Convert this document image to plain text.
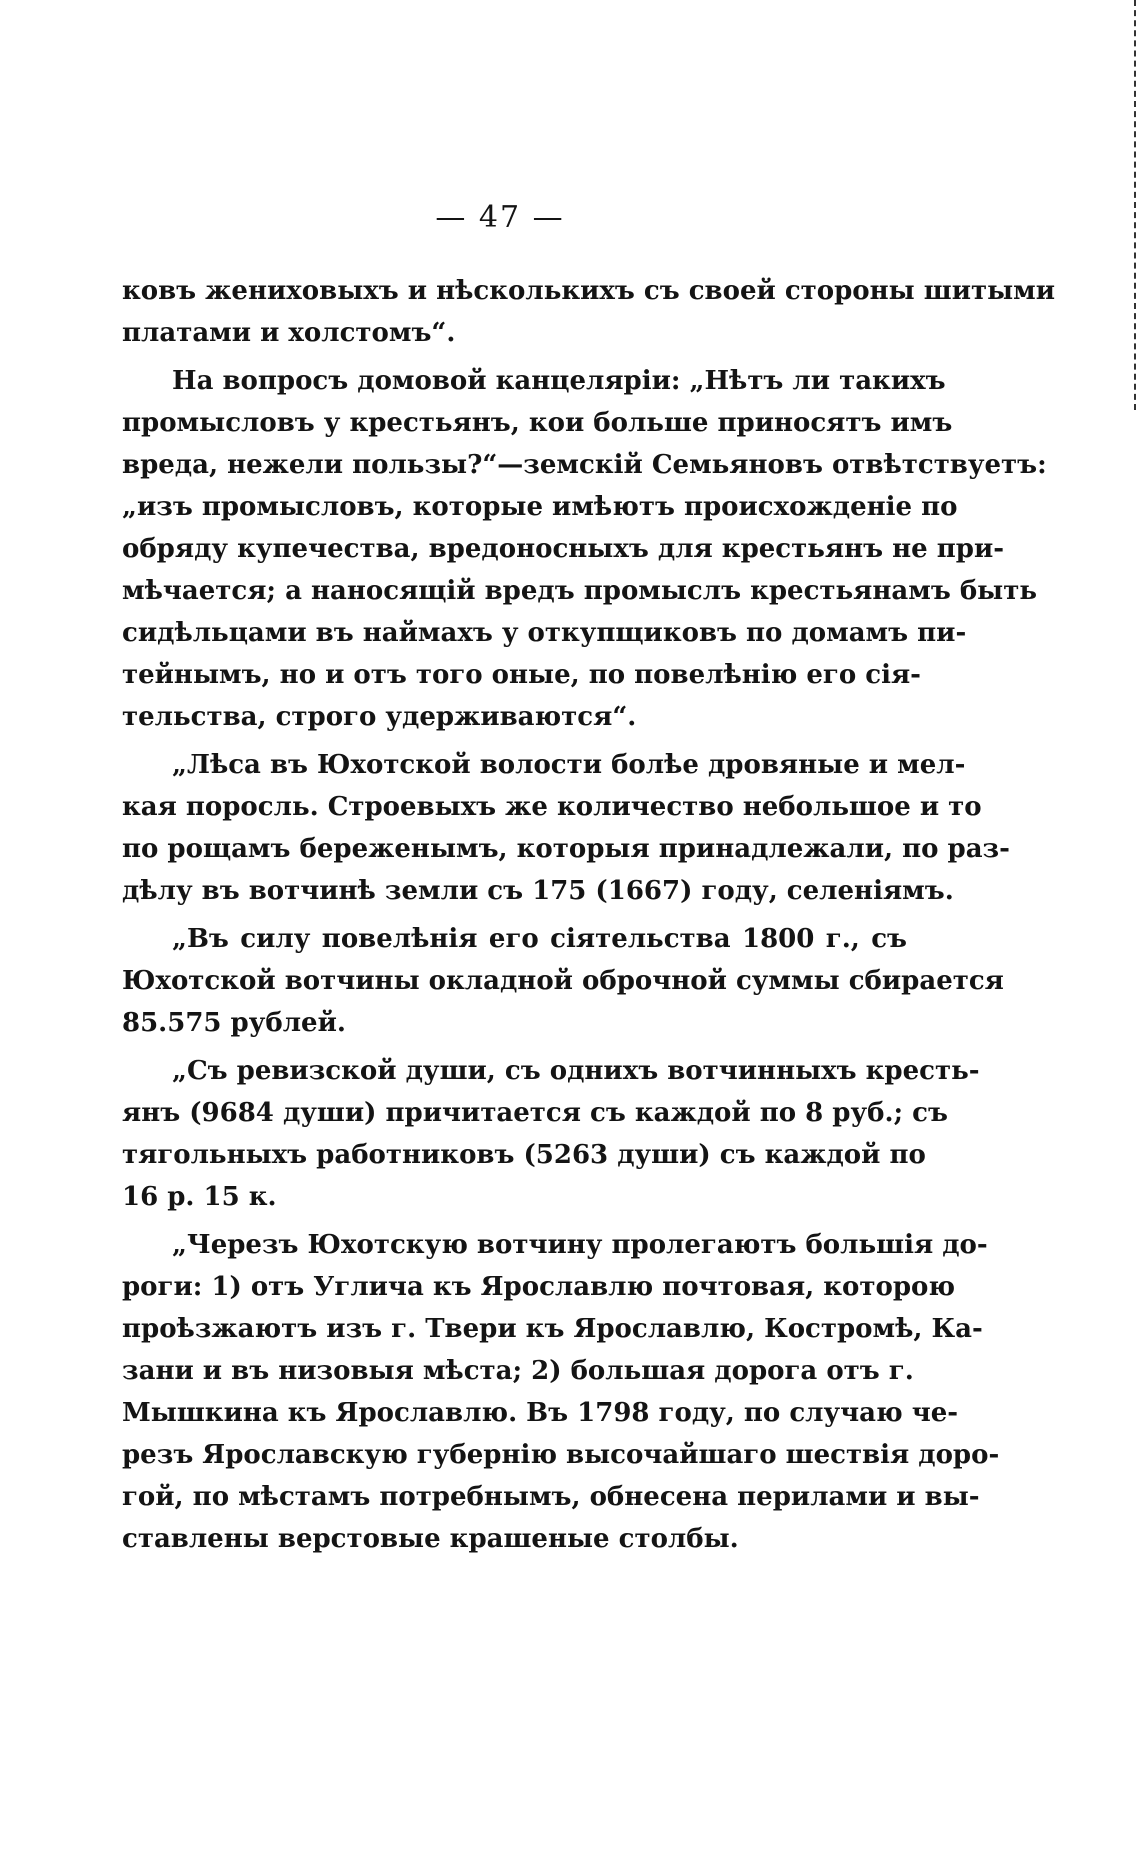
— 47 —
ковъ жениховыхъ и нѣсколькихъ съ своей стороны шитыми
платами и холстомъ“.
На вопросъ домовой канцеляріи: „Нѣтъ ли такихъ
промысловъ у крестьянъ, кои больше приносятъ имъ
вреда, нежели пользы?“—земскій Семьяновъ отвѣтствуетъ:
„изъ промысловъ, которые имѣютъ происхожденіе по
обряду купечества, вредоносныхъ для крестьянъ не при-
мѣчается; а наносящій вредъ промыслъ крестьянамъ быть
сидѣльцами въ наймахъ у откупщиковъ по домамъ пи-
тейнымъ, но и отъ того оные, по повелѣнію его сія-
тельства, строго удерживаются“.
„Лѣса въ Юхотской волости болѣе дровяные и мел-
кая поросль. Строевыхъ же количество небольшое и то
по рощамъ береженымъ, которыя принадлежали, по раз-
дѣлу въ вотчинѣ земли съ 175 (1667) году, селеніямъ.
„Въ силу повелѣнія его сіятельства 1800 г., съ
Юхотской вотчины окладной оброчной суммы сбирается
85.575 рублей.
„Съ ревизской души, съ однихъ вотчинныхъ кресть-
янъ (9684 души) причитается съ каждой по 8 руб.; съ
тягольныхъ работниковъ (5263 души) съ каждой по
16 р. 15 к.
„Черезъ Юхотскую вотчину пролегаютъ большія до-
роги: 1) отъ Углича къ Ярославлю почтовая, которою
проѣзжаютъ изъ г. Твери къ Ярославлю, Костромѣ, Ка-
зани и въ низовыя мѣста; 2) большая дорога отъ г.
Мышкина къ Ярославлю. Въ 1798 году, по случаю че-
резъ Ярославскую губернію высочайшаго шествія доро-
гой, по мѣстамъ потребнымъ, обнесена перилами и вы-
ставлены верстовые крашеные столбы.
